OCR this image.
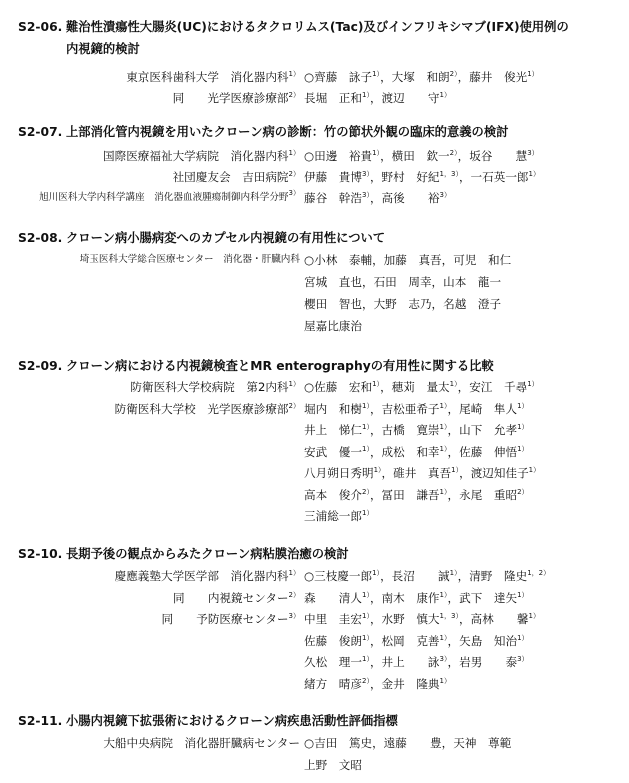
S2-06. 難治性潰瘍性大腸炎(UC)におけるタクロリムス(Tac)及びインフリキシマブ(IFX)使用例の
内視鏡的検討
東京医科歯科大学　消化器内科$^{1)}$
同　　光学医療診療部$^{2)}$
○齊藤　詠子$^{1)}$，大塚　和朗$^{2)}$，藤井　俊光$^{1)}$
長堀　正和$^{1)}$，渡辺　　守$^{1)}$
S2-07. 上部消化管内視鏡を用いたクローン病の診断：竹の節状外観の臨床的意義の検討
国際医療福祉大学病院　消化器内科$^{1)}$
社団慶友会　吉田病院$^{2)}$
旭川医科大学内科学講座　消化器血液腫瘍制御内科学分野$^{3)}$
○田邊　裕貴$^{1)}$，横田　欽一$^{2)}$，坂谷　　慧$^{3)}$
伊藤　貴博$^{3)}$，野村　好紀$^{1,3)}$，一石英一郎$^{1)}$
藤谷　幹浩$^{3)}$，高後　　裕$^{3)}$
S2-08. クローン病小腸病変へのカプセル内視鏡の有用性について
埼玉医科大学総合医療センター　消化器・肝臓内科 ○小林　泰輔，加藤　真吾，可児　和仁
宮城　直也，石田　周幸，山本　龍一
櫻田　智也，大野　志乃，名越　澄子
屋嘉比康治
S2-09. クローン病における内視鏡検査とMR enterographyの有用性に関する比較
防衛医科大学校病院　第2内科$^{1)}$
防衛医科大学校　光学医療診療部$^{2)}$
○佐藤　宏和$^{1)}$，穂苅　量太$^{1)}$，安江　千尋$^{1)}$
堀内　和樹$^{1)}$，吉松亜希子$^{1)}$，尾崎　隼人$^{1)}$
井上　悌仁$^{1)}$，古橋　寛崇$^{1)}$，山下　允孝$^{1)}$
安武　優一$^{1)}$，成松　和幸$^{1)}$，佐藤　伸悟$^{1)}$
八月朔日秀明$^{1)}$，碓井　真吾$^{1)}$，渡辺知佳子$^{1)}$
高本　俊介$^{2)}$，冨田　謙吾$^{1)}$，永尾　重昭$^{2)}$
三浦総一郎$^{1)}$
S2-10. 長期予後の観点からみたクローン病粘膜治癒の検討
慶應義塾大学医学部　消化器内科$^{1)}$
同　　内視鏡センター$^{2)}$
同　　予防医療センター$^{3)}$
○三枝慶一郎$^{1)}$，長沼　　誠$^{1)}$，清野　隆史$^{1,2)}$
森　　清人$^{1)}$，南木　康作$^{1)}$，武下　達矢$^{1)}$
中里　圭宏$^{1)}$，水野　慎大$^{1,3)}$，高林　　馨$^{1)}$
佐藤　俊朗$^{1)}$，松岡　克善$^{1)}$，矢島　知治$^{1)}$
久松　理一$^{1)}$，井上　　詠$^{3)}$，岩男　　泰$^{3)}$
緒方　晴彦$^{2)}$，金井　隆典$^{1)}$
S2-11. 小腸内視鏡下拡張術におけるクローン病疾患活動性評価指標
大船中央病院　消化器肝臓病センター ○吉田　篤史，遠藤　　豊，天神　尊範
上野　文昭
